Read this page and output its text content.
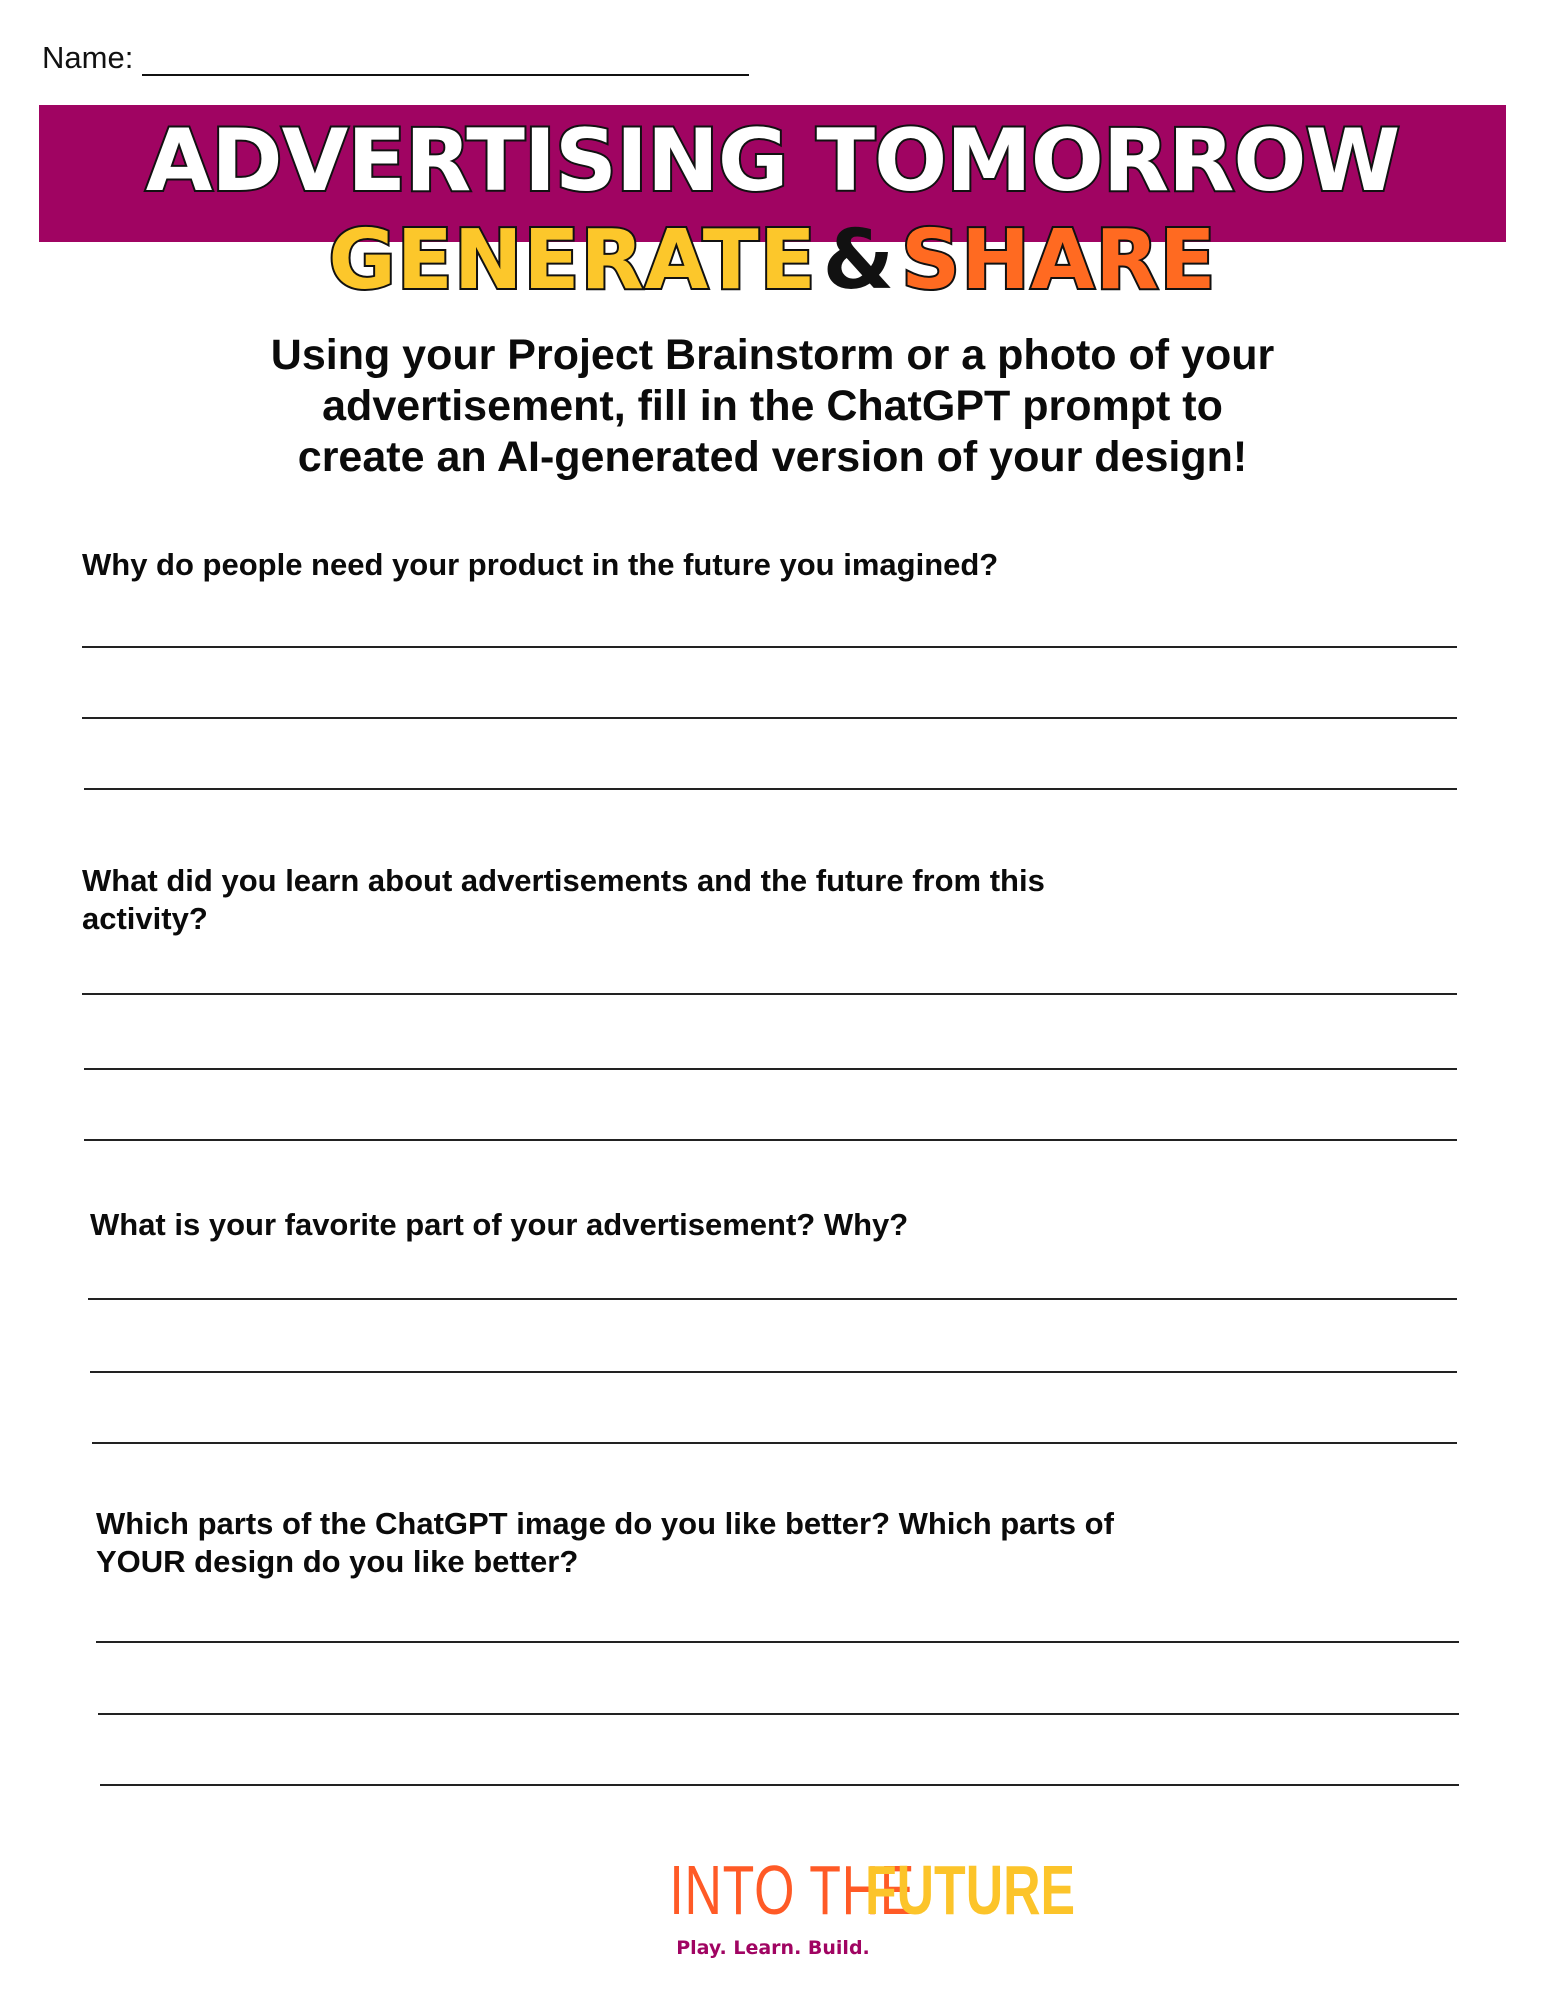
Name:
ADVERTISING TOMORROW
GENERATE&SHARE
Using your Project Brainstorm or a photo of your
advertisement, fill in the ChatGPT prompt to
create an AI-generated version of your design!
Why do people need your product in the future you imagined?
What did you learn about advertisements and the future from this
activity?
What is your favorite part of your advertisement? Why?
Which parts of the ChatGPT image do you like better? Which parts of
YOUR design do you like better?
INTO THEFUTURE
Play. Learn. Build.
